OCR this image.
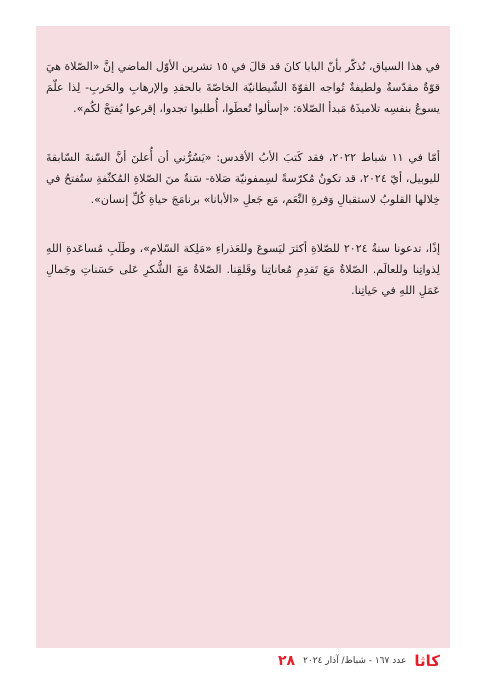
في هذا السياق، نُذكّر بأنّ البابا كانَ قد قالَ في ١٥ تشرين الأوّل الماضي إنَّ «الصّلاة هيَ قوّةٌ مقدّسةٌ ولطيفةٌ تُواجه القوّةَ الشّيطانيّة الخاصّةَ بالحقدِ والإرهابِ والحَربِ- لِذا علّمَ يسوعُ بنفسِه تلاميذَهُ مَبدأ الصّلاة: «إسألوا تُعطَوا، أُطلبوا تجدوا، إقرعوا يُفتحْ لكُم».

أمّا في ١١ شباط ٢٠٢٢، فقد كَتبَ الأبُ الأقدس: «يَسُرُّني أن أُعلنَ أنَّ السّنةَ السّابقةَ لليوبيل، أيّ ٢٠٢٤، قد تكونُ مُكرّسةً لسِمفونيّة صَلاة- سَنةٌ منَ الصّلاةِ المُكثّفةِ ستُفتحُ في خِلالها القلوبُ لاستقبالِ وَفرةِ النِّعَم، مَع جَعلِ «الأبانا» برنامَجَ حياةِ كُلِّ إنسان».

إذًا، تدعونا سنةُ ٢٠٢٤ للصّلاةِ أكثرَ ليَسوعَ وللعَذراءِ «مَلِكة السّلام»، وطَلَبِ مُساعَدةِ اللهِ لِذواتِنا وللعالَم. الصّلاةُ مَعَ تَقدِمِ مُعاناتِنا وقَلقِنا. الصّلاةُ مَعَ الشُّكرِ عَلى حَسَناتِ وجَمالِ عَمَلِ اللهِ في حَياتِنا.

كاثا
عدد ١٦٧ - شباط/ آذار ٢٠٢٤
٢٨
